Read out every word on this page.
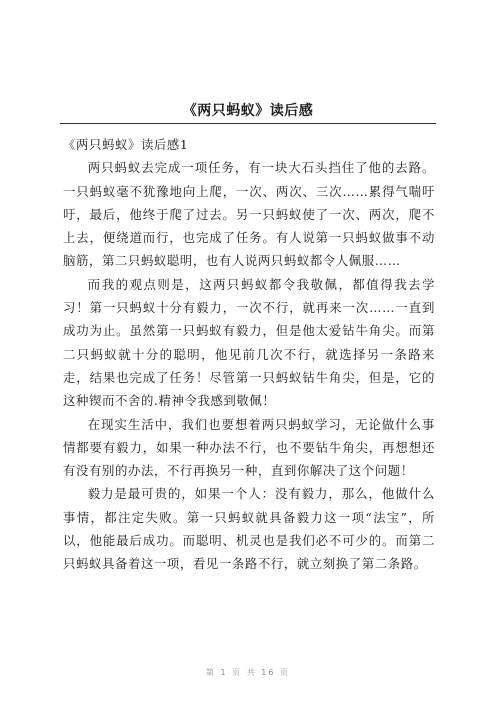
《两只蚂蚁》读后感

《两只蚂蚁》读后感1

两只蚂蚁去完成一项任务，有一块大石头挡住了他的去路。一只蚂蚁毫不犹豫地向上爬，一次、两次、三次……累得气喘吁吁，最后，他终于爬了过去。另一只蚂蚁使了一次、两次，爬不上去，便绕道而行，也完成了任务。有人说第一只蚂蚁做事不动脑筋，第二只蚂蚁聪明，也有人说两只蚂蚁都令人佩服……

而我的观点则是，这两只蚂蚁都令我敬佩，都值得我去学习！第一只蚂蚁十分有毅力，一次不行，就再来一次……一直到成功为止。虽然第一只蚂蚁有毅力，但是他太爱钻牛角尖。而第二只蚂蚁就十分的聪明，他见前几次不行，就选择另一条路来走，结果也完成了任务！尽管第一只蚂蚁钻牛角尖，但是，它的这种锲而不舍的.精神令我感到敬佩！

在现实生活中，我们也要想着两只蚂蚁学习，无论做什么事情都要有毅力，如果一种办法不行，也不要钻牛角尖，再想想还有没有别的办法，不行再换另一种，直到你解决了这个问题！

毅力是最可贵的，如果一个人：没有毅力，那么，他做什么事情，都注定失败。第一只蚂蚁就具备毅力这一项“法宝”，所以，他能最后成功。而聪明、机灵也是我们必不可少的。而第二只蚂蚁具备着这一项，看见一条路不行，就立刻换了第二条路。

第 1 页 共 16 页
